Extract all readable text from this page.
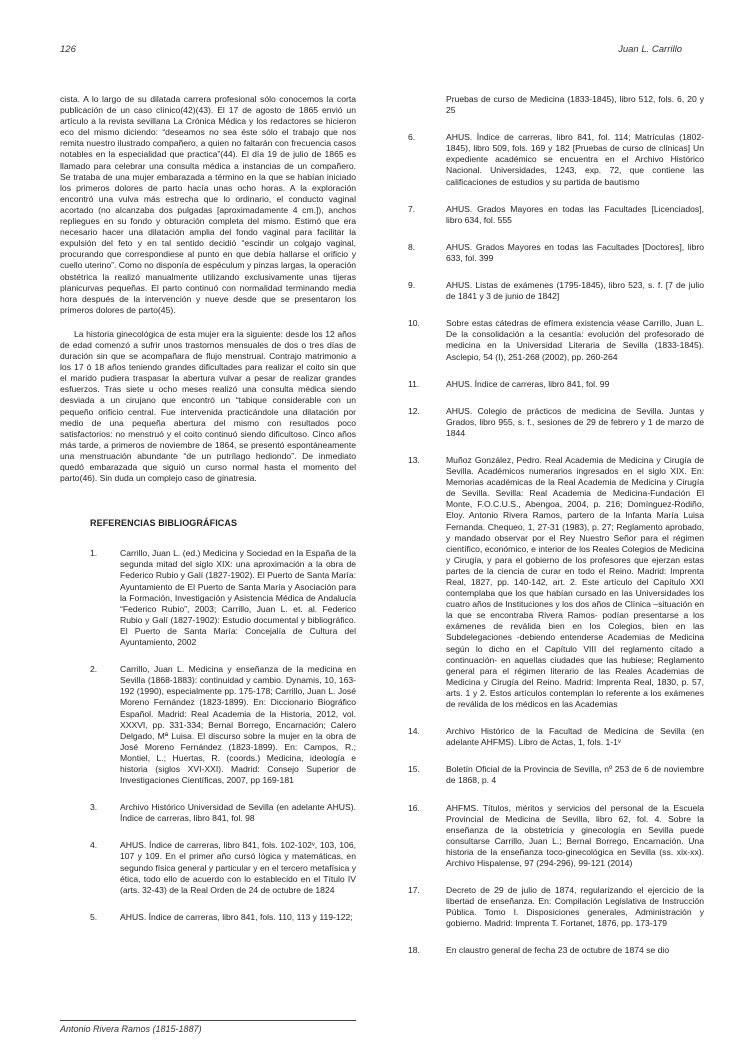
126	Juan L. Carrillo

cista. A lo largo de su dilatada carrera profesional sólo conocemos la corta publicación de un caso clínico(42)(43). El 17 de agosto de 1865 envió un artículo a la revista sevillana La Crónica Médica y los redactores se hicieron eco del mismo diciendo: “deseamos no sea éste sólo el trabajo que nos remita nuestro ilustrado compañero, a quien no faltarán con frecuencia casos notables en la especialidad que practica”(44). El día 19 de julio de 1865 es llamado para celebrar una consulta médica a instancias de un compañero. Se trataba de una mujer embarazada a término en la que se habían iniciado los primeros dolores de parto hacía unas ocho horas. A la exploración encontró una vulva más estrecha que lo ordinario, el conducto vaginal acortado (no alcanzaba dos pulgadas [aproximadamente 4 cm.]), anchos repliegues en su fondo y obturación completa del mismo. Estimó que era necesario hacer una dilatación amplia del fondo vaginal para facilitar la expulsión del feto y en tal sentido decidió “escindir un colgajo vaginal, procurando que correspondiese al punto en que debía hallarse el orificio y cuello uterino”. Como no disponía de espéculum y pinzas largas, la operación obstétrica la realizó manualmente utilizando exclusivamente unas tijeras planicurvas pequeñas. El parto continuó con normalidad terminando media hora después de la intervención y nueve desde que se presentaron los primeros dolores de parto(45).

La historia ginecológica de esta mujer era la siguiente: desde los 12 años de edad comenzó a sufrir unos trastornos mensuales de dos o tres días de duración sin que se acompañara de flujo menstrual. Contrajo matrimonio a los 17 ó 18 años teniendo grandes dificultades para realizar el coito sin que el marido pudiera traspasar la abertura vulvar a pesar de realizar grandes esfuerzos. Tras siete u ocho meses realizó una consulta médica siendo desviada a un cirujano que encontró un “tabique considerable con un pequeño orificio central. Fue intervenida practicándole una dilatación por medio de una pequeña abertura del mismo con resultados poco satisfactorios: no menstruó y el coito continuó siendo dificultoso. Cinco años más tarde, a primeros de noviembre de 1864, se presentó espontáneamente una menstruación abundante “de un putrílago hediondo”. De inmediato quedó embarazada que siguió un curso normal hasta el momento del parto(46). Sin duda un complejo caso de ginatresia.

REFERENCIAS BIBLIOGRÁFICAS
1.	Carrillo, Juan L. (ed.) Medicina y Sociedad en la España de la segunda mitad del siglo XIX: una aproximación a la obra de Federico Rubio y Galí (1827-1902). El Puerto de Santa María: Ayuntamiento de El Puerto de Santa María y Asociación para la Formación, Investigación y Asistencia Médica de Andalucía “Federico Rubio”, 2003; Carrillo, Juan L. et. al. Federico Rubio y Galí (1827-1902): Estudio documental y bibliográfico. El Puerto de Santa María: Concejalía de Cultura del Ayuntamiento, 2002
2.	Carrillo, Juan L. Medicina y enseñanza de la medicina en Sevilla (1868-1883): continuidad y cambio. Dynamis, 10, 163-192 (1990), especialmente pp. 175-178; Carrillo, Juan L. José Moreno Fernández (1823-1899). En: Diccionario Biográfico Español. Madrid: Real Academia de la Historia, 2012, vol. XXXVI, pp. 331-334; Bernal Borrego, Encarnación; Calero Delgado, Mª Luisa. El discurso sobre la mujer en la obra de José Moreno Fernández (1823-1899). En: Campos, R.; Montiel, L.; Huertas, R. (coords.) Medicina, ideología e historia (siglos XVI-XXI). Madrid: Consejo Superior de Investigaciones Científicas, 2007, pp 169-181
3.	Archivo Histórico Universidad de Sevilla (en adelante AHUS). Índice de carreras, libro 841, fol. 98
4.	AHUS. Índice de carreras, libro 841, fols. 102-102ᵛ, 103, 106, 107 y 109. En el primer año cursó lógica y matemáticas, en segundo física general y particular y en el tercero metafísica y ética, todo ello de acuerdo con lo establecido en el Título IV (arts. 32-43) de la Real Orden de 24 de octubre de 1824
5.	AHUS. Índice de carreras, libro 841, fols. 110, 113 y 119-122;
Pruebas de curso de Medicina (1833-1845), libro 512, fols. 6, 20 y 25
6.	AHUS. Índice de carreras, libro 841, fol. 114; Matrículas (1802-1845), libro 509, fols. 169 y 182 [Pruebas de curso de clínicas] Un expediente académico se encuentra en el Archivo Histórico Nacional. Universidades, 1243, exp. 72, que contiene las calificaciones de estudios y su partida de bautismo
7.	AHUS. Grados Mayores en todas las Facultades [Licenciados], libro 634, fol. 555
8.	AHUS. Grados Mayores en todas las Facultades [Doctores], libro 633, fol. 399
9.	AHUS. Listas de exámenes (1795-1845), libro 523, s. f. [7 de julio de 1841 y 3 de junio de 1842]
10.	Sobre estas cátedras de efímera existencia véase Carrillo, Juan L. De la consolidación a la cesantía: evolución del profesorado de medicina en la Universidad Literaria de Sevilla (1833-1845). Asclepio, 54 (I), 251-268 (2002), pp. 260-264
11.	AHUS. Índice de carreras, libro 841, fol. 99
12.	AHUS. Colegio de prácticos de medicina de Sevilla. Juntas y Grados, libro 955, s. f., sesiones de 29 de febrero y 1 de marzo de 1844
13.	Muñoz González, Pedro. Real Academia de Medicina y Cirugía de Sevilla. Académicos numerarios ingresados en el siglo XIX. En: Memorias académicas de la Real Academia de Medicina y Cirugía de Sevilla. Sevilla: Real Academia de Medicina-Fundación El Monte, F.O.C.U.S., Abengoa, 2004, p. 216; Domínguez-Rodiño, Eloy. Antonio Rivera Ramos, partero de la Infanta María Luisa Fernanda. Chequeo, 1, 27-31 (1983), p. 27; Reglamento aprobado, y mandado observar por el Rey Nuestro Señor para el régimen científico, económico, e interior de los Reales Colegios de Medicina y Cirugía, y para el gobierno de los profesores que ejerzan estas partes de la ciencia de curar en todo el Reino. Madrid: Imprenta Real, 1827, pp. 140-142, art. 2. Este artículo del Capítulo XXI contemplaba que los que habían cursado en las Universidades los cuatro años de Instituciones y los dos años de Clínica –situación en la que se encontraba Rivera Ramos- podían presentarse a los exámenes de reválida bien en los Colegios, bien en las Subdelegaciones -debiendo entenderse Academias de Medicina según lo dicho en el Capítulo VIII del reglamento citado a continuación- en aquellas ciudades que las hubiese; Reglamento general para el régimen literario de las Reales Academias de Medicina y Cirugía del Reino. Madrid: Imprenta Real, 1830, p. 57, arts. 1 y 2. Estos artículos contemplan lo referente a los exámenes de reválida de los médicos en las Academias
14.	Archivo Histórico de la Facultad de Medicina de Sevilla (en adelante AHFMS). Libro de Actas, 1, fols. 1-1ᵛ
15.	Boletín Oficial de la Provincia de Sevilla, nº 253 de 6 de noviembre de 1868, p. 4
16.	AHFMS. Títulos, méritos y servicios del personal de la Escuela Provincial de Medicina de Sevilla, libro 62, fol. 4. Sobre la enseñanza de la obstetricia y ginecología en Sevilla puede consultarse Carrillo, Juan L.; Bernal Borrego, Encarnación. Una historia de la enseñanza toco-ginecológica en Sevilla (ss. xix-xx). Archivo Hispalense, 97 (294-296), 99-121 (2014)
17.	Decreto de 29 de julio de 1874, regularizando el ejercicio de la libertad de enseñanza. En: Compilación Legislativa de Instrucción Pública. Tomo I. Disposiciones generales, Administración y gobierno. Madrid: Imprenta T. Fortanet, 1876, pp. 173-179
18.	En claustro general de fecha 23 de octubre de 1874 se dio
Antonio Rivera Ramos (1815-1887)
